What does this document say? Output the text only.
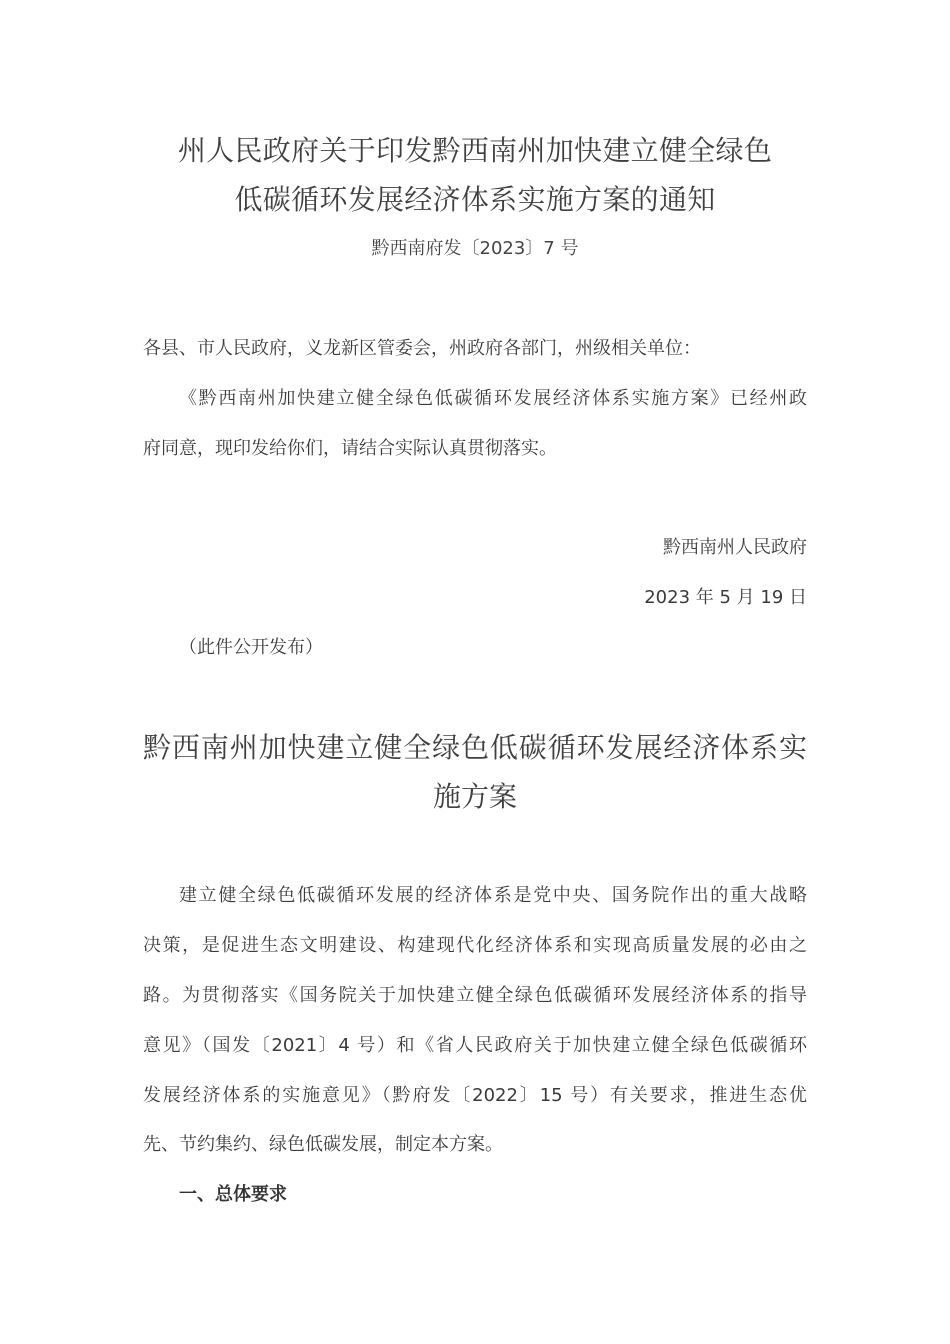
州人民政府关于印发黔西南州加快建立健全绿色
低碳循环发展经济体系实施方案的通知
黔西南府发〔2023〕7 号
各县、市人民政府，义龙新区管委会，州政府各部门，州级相关单位：
《黔西南州加快建立健全绿色低碳循环发展经济体系实施方案》已经州政
府同意，现印发给你们，请结合实际认真贯彻落实。
黔西南州人民政府
2023 年 5 月 19 日
（此件公开发布）
黔西南州加快建立健全绿色低碳循环发展经济体系实
施方案
建立健全绿色低碳循环发展的经济体系是党中央、国务院作出的重大战略
决策，是促进生态文明建设、构建现代化经济体系和实现高质量发展的必由之
路。为贯彻落实《国务院关于加快建立健全绿色低碳循环发展经济体系的指导
意见》（国发〔2021〕4 号）和《省人民政府关于加快建立健全绿色低碳循环
发展经济体系的实施意见》（黔府发〔2022〕15 号）有关要求，推进生态优
先、节约集约、绿色低碳发展，制定本方案。
一、总体要求
